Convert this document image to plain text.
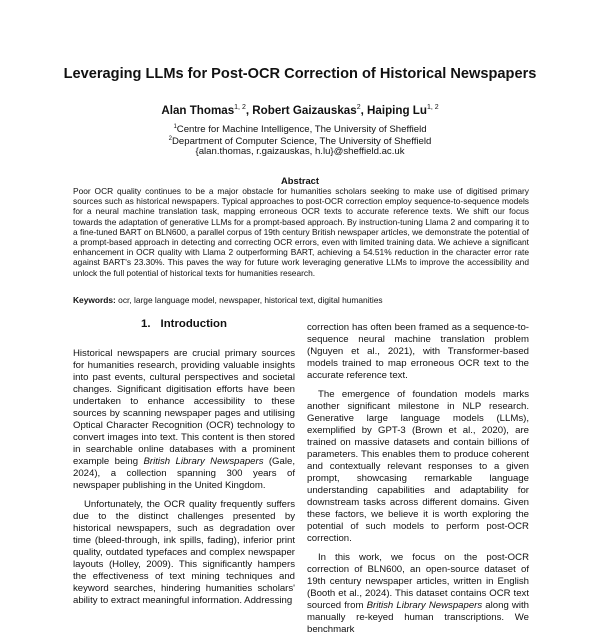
Leveraging LLMs for Post-OCR Correction of Historical Newspapers
Alan Thomas$^{1, 2}$, Robert Gaizauskas$^2$, Haiping Lu$^{1, 2}$
$^1$Centre for Machine Intelligence, The University of Sheffield
$^2$Department of Computer Science, The University of Sheffield
{alan.thomas, r.gaizauskas, h.lu}@sheffield.ac.uk
Abstract
Poor OCR quality continues to be a major obstacle for humanities scholars seeking to make use of digitised primary sources such as historical newspapers. Typical approaches to post-OCR correction employ sequence-to-sequence models for a neural machine translation task, mapping erroneous OCR texts to accurate reference texts. We shift our focus towards the adaptation of generative LLMs for a prompt-based approach. By instruction-tuning Llama 2 and comparing it to a fine-tuned BART on BLN600, a parallel corpus of 19th century British newspaper articles, we demonstrate the potential of a prompt-based approach in detecting and correcting OCR errors, even with limited training data. We achieve a significant enhancement in OCR quality with Llama 2 outperforming BART, achieving a 54.51% reduction in the character error rate against BART's 23.30%. This paves the way for future work leveraging generative LLMs to improve the accessibility and unlock the full potential of historical texts for humanities research.
Keywords: ocr, large language model, newspaper, historical text, digital humanities
1. Introduction

Historical newspapers are crucial primary sources for humanities research, providing valuable insights into past events, cultural perspectives and societal changes. Significant digitisation efforts have been undertaken to enhance accessibility to these sources by scanning newspaper pages and utilising Optical Character Recognition (OCR) technology to convert images into text. This content is then stored in searchable online databases with a prominent example being British Library Newspapers (Gale, 2024), a collection spanning 300 years of newspaper publishing in the United Kingdom.

Unfortunately, the OCR quality frequently suffers due to the distinct challenges presented by historical newspapers, such as degradation over time (bleed-through, ink spills, fading), inferior print quality, outdated typefaces and complex newspaper layouts (Holley, 2009). This significantly hampers the effectiveness of text mining techniques and keyword searches, hindering humanities scholars' ability to extract meaningful information. Addressing

correction has often been framed as a sequence-to-sequence neural machine translation problem (Nguyen et al., 2021), with Transformer-based models trained to map erroneous OCR text to the accurate reference text.

The emergence of foundation models marks another significant milestone in NLP research. Generative large language models (LLMs), exemplified by GPT-3 (Brown et al., 2020), are trained on massive datasets and contain billions of parameters. This enables them to produce coherent and contextually relevant responses to a given prompt, showcasing remarkable language understanding capabilities and adaptability for downstream tasks across different domains. Given these factors, we believe it is worth exploring the potential of such models to perform post-OCR correction.

In this work, we focus on the post-OCR correction of BLN600, an open-source dataset of 19th century newspaper articles, written in English (Booth et al., 2024). This dataset contains OCR text sourced from British Library Newspapers along with manually re-keyed human transcriptions. We benchmark
